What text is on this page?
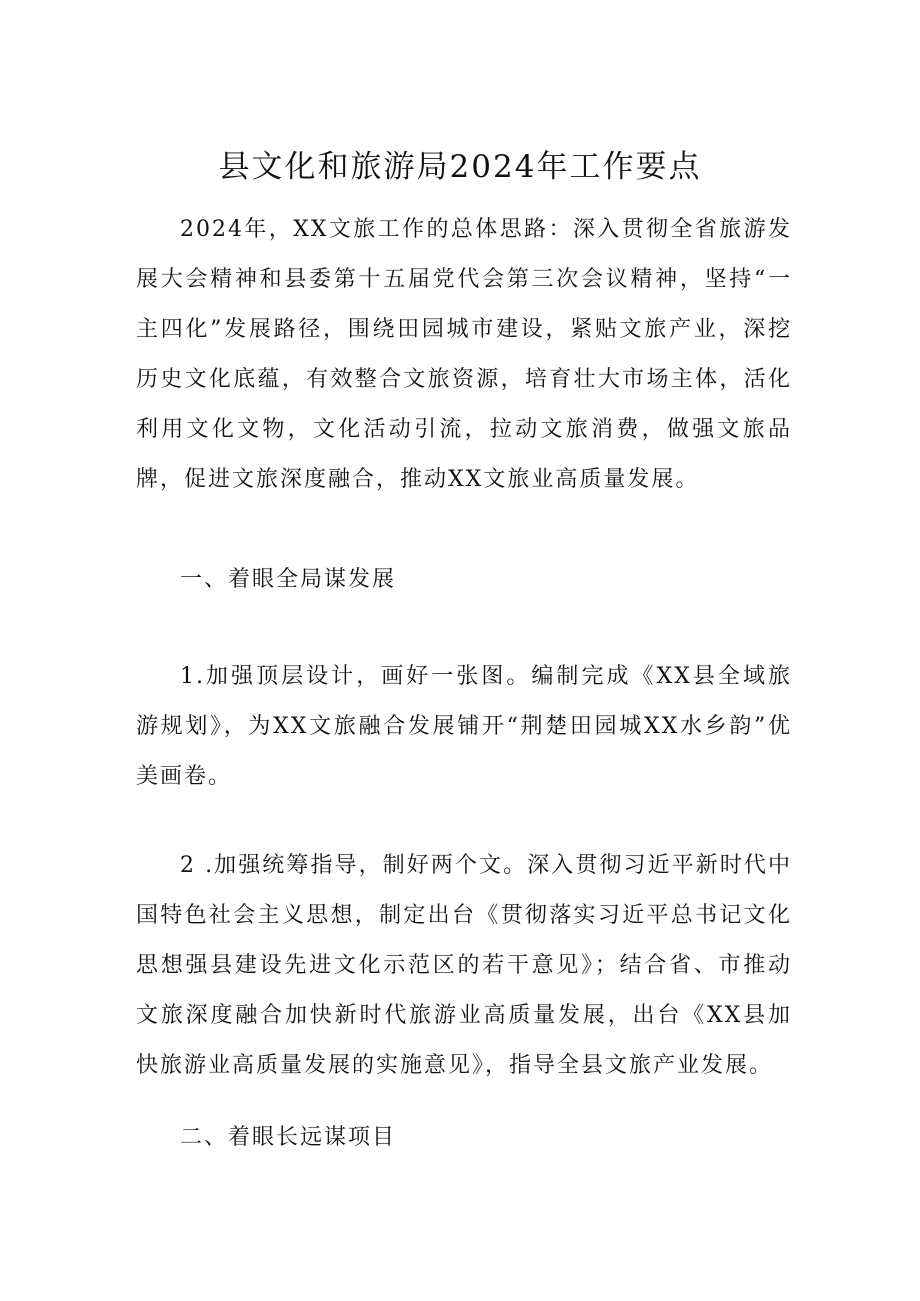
县文化和旅游局2024年工作要点

2024年，XX文旅工作的总体思路：深入贯彻全省旅游发展大会精神和县委第十五届党代会第三次会议精神，坚持“一主四化”发展路径，围绕田园城市建设，紧贴文旅产业，深挖历史文化底蕴，有效整合文旅资源，培育壮大市场主体，活化利用文化文物，文化活动引流，拉动文旅消费，做强文旅品牌，促进文旅深度融合，推动XX文旅业高质量发展。

一、着眼全局谋发展

1.加强顶层设计，画好一张图。编制完成《XX县全域旅游规划》，为XX文旅融合发展铺开“荆楚田园城XX水乡韵”优美画卷。

2 .加强统筹指导，制好两个文。深入贯彻习近平新时代中国特色社会主义思想，制定出台《贯彻落实习近平总书记文化思想强县建设先进文化示范区的若干意见》；结合省、市推动文旅深度融合加快新时代旅游业高质量发展，出台《XX县加快旅游业高质量发展的实施意见》，指导全县文旅产业发展。

二、着眼长远谋项目
